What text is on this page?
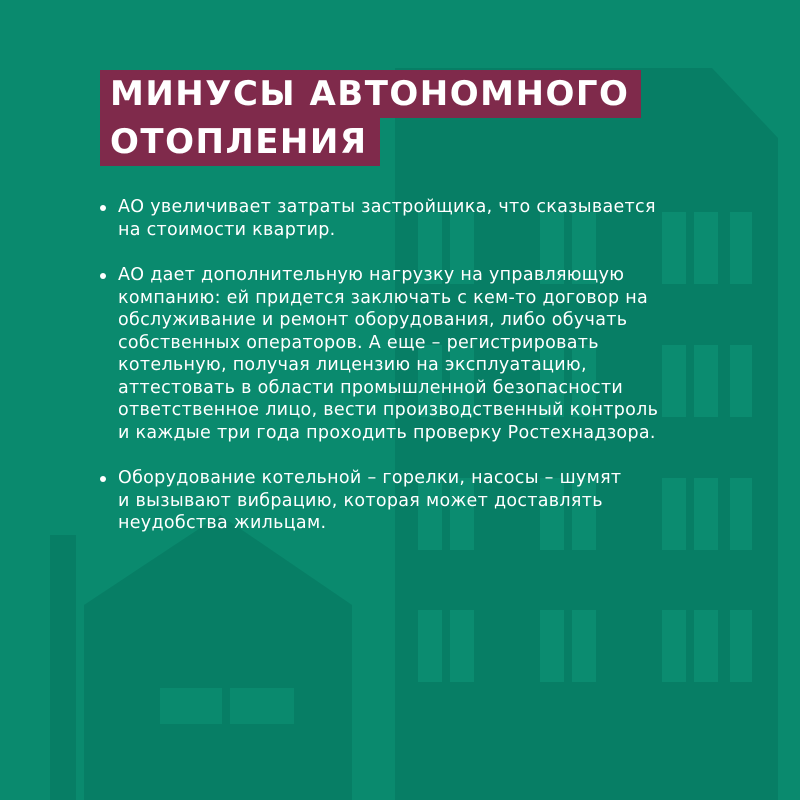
МИНУСЫ АВТОНОМНОГО
ОТОПЛЕНИЯ
АО увеличивает затраты застройщика, что сказывается
на стоимости квартир.
АО дает дополнительную нагрузку на управляющую
компанию: ей придется заключать с кем-то договор на
обслуживание и ремонт оборудования, либо обучать
собственных операторов. А еще – регистрировать
котельную, получая лицензию на эксплуатацию,
аттестовать в области промышленной безопасности
ответственное лицо, вести производственный контроль
и каждые три года проходить проверку Ростехнадзора.
Оборудование котельной – горелки, насосы – шумят
и вызывают вибрацию, которая может доставлять
неудобства жильцам.
